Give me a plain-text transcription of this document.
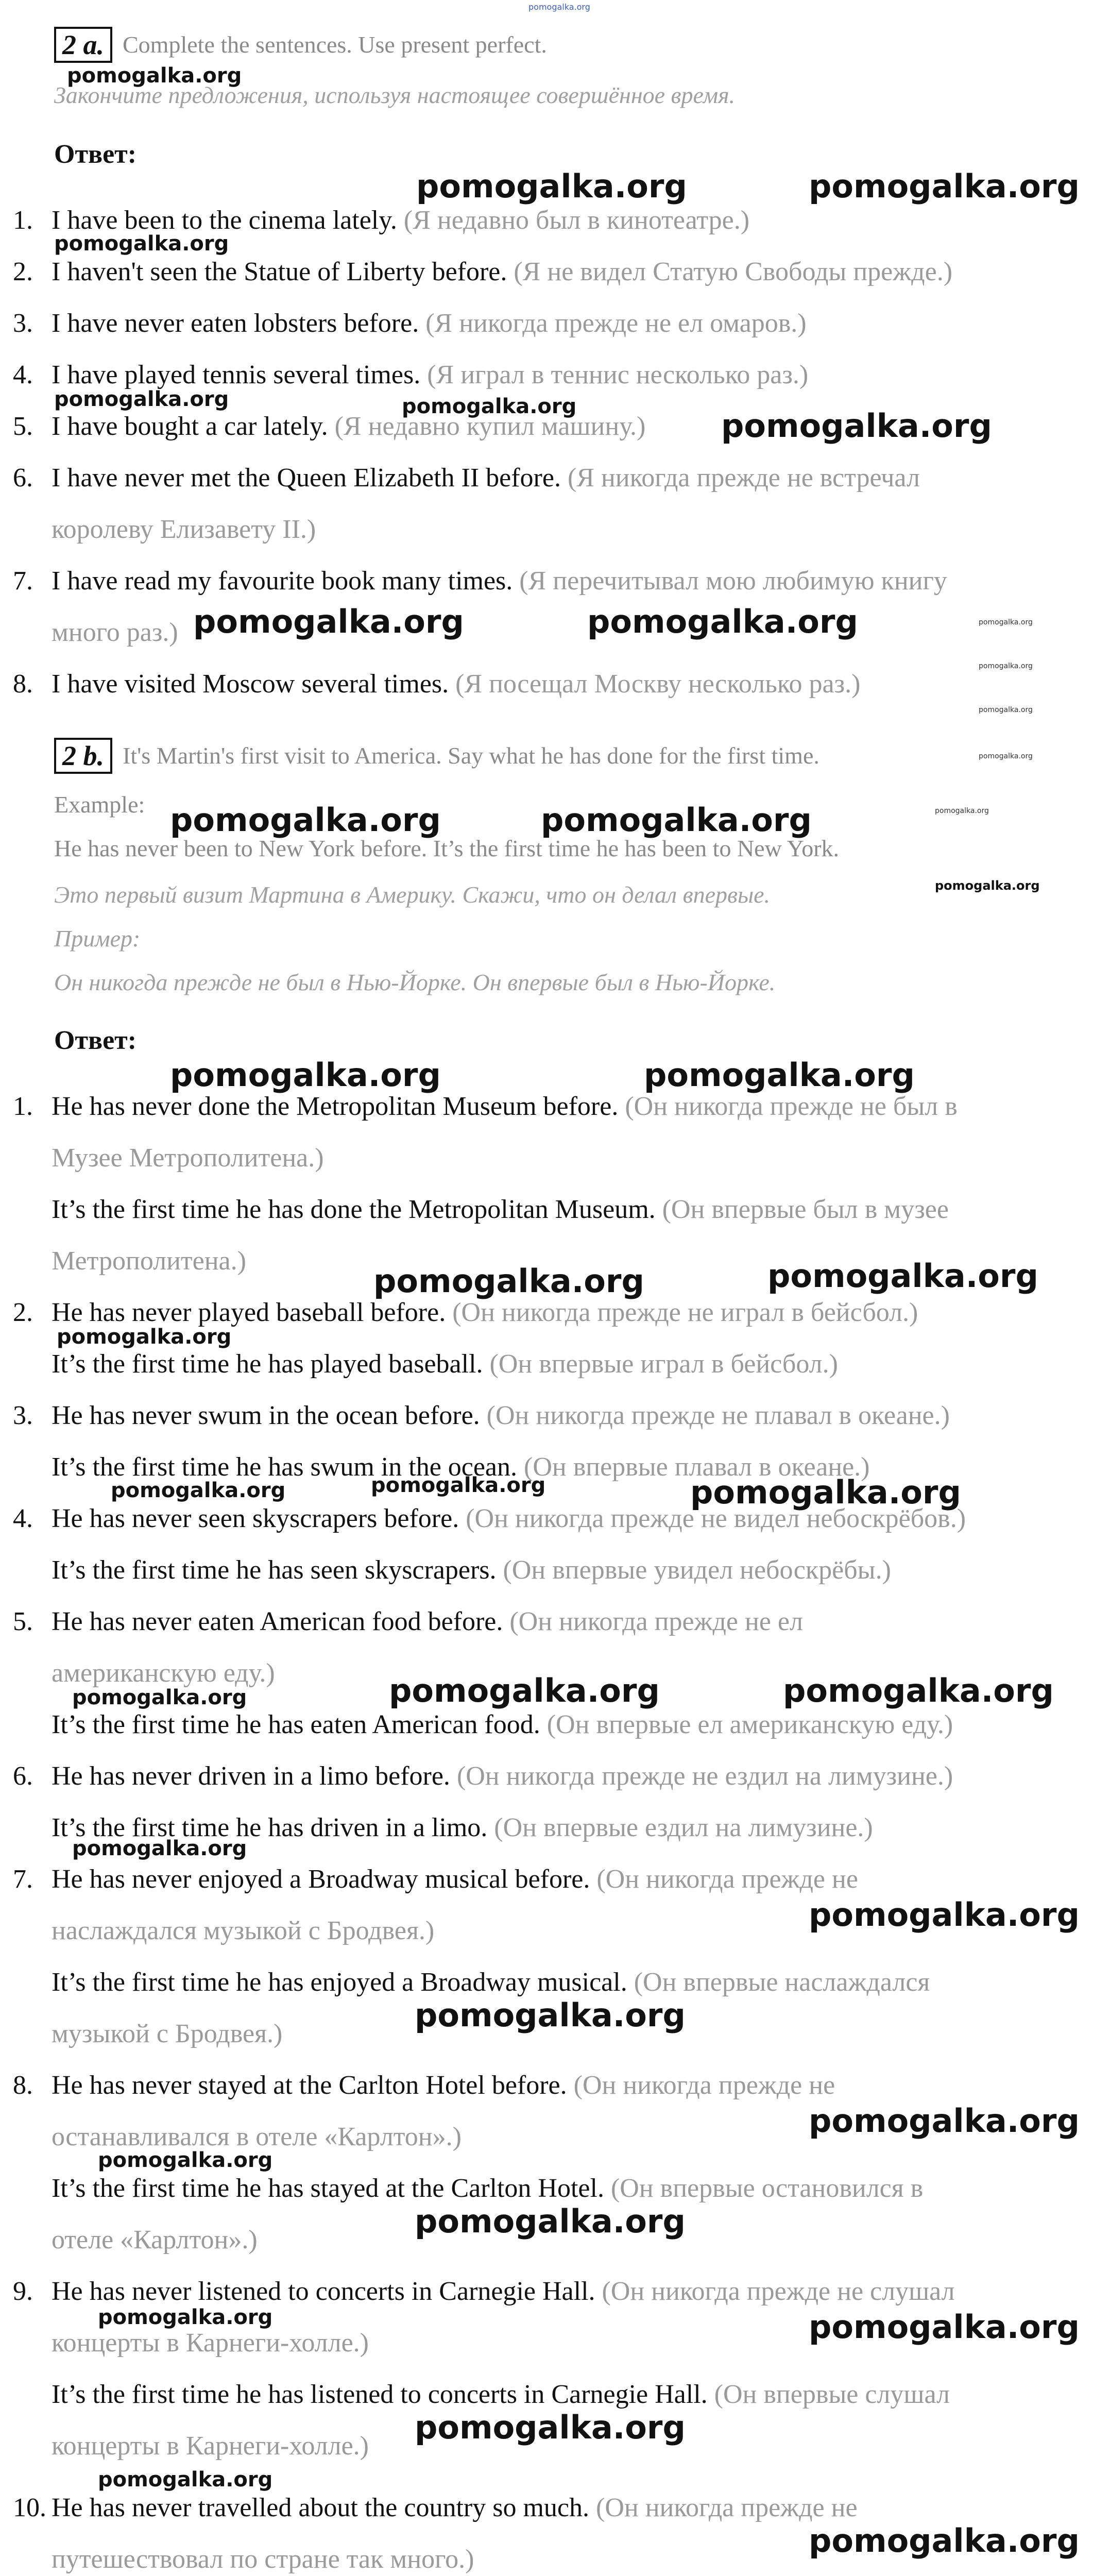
pomogalka.org
2 a. Complete the sentences. Use present perfect.
pomogalka.org
Закончите предложения, используя настоящее совершённое время.
Ответ:
pomogalka.org	pomogalka.org
1. I have been to the cinema lately. (Я недавно был в кинотеатре.)
pomogalka.org
2. I haven't seen the Statue of Liberty before. (Я не видел Статую Свободы прежде.)
3. I have never eaten lobsters before. (Я никогда прежде не ел омаров.)
4. I have played tennis several times. (Я играл в теннис несколько раз.)
pomogalka.org
5. I have bought a car lately. (Я недавно купил машину.)
pomogalka.org
pomogalka.org
6. I have never met the Queen Elizabeth II before. (Я никогда прежде не встречал
королеву Елизавету II.)
7. I have read my favourite book many times. (Я перечитывал мою любимую книгу
много раз.) pomogalka.org	pomogalka.org	pomogalka.org
pomogalka.org
8. I have visited Moscow several times. (Я посещал Москву несколько раз.)
pomogalka.org
2 b. It's Martin's first visit to America. Say what he has done for the first time.	pomogalka.org
Example: pomogalka.org	pomogalka.org	pomogalka.org
He has never been to New York before. It’s the first time he has been to New York.
Это первый визит Мартина в Америку. Скажи, что он делал впервые.	pomogalka.org
Пример:
Он никогда прежде не был в Нью-Йорке. Он впервые был в Нью-Йорке.
Ответ:
pomogalka.org	pomogalka.org
1. He has never done the Metropolitan Museum before. (Он никогда прежде не был в
Музее Метрополитена.)
It’s the first time he has done the Metropolitan Museum. (Он впервые был в музее
Метрополитена.)
pomogalka.org	pomogalka.org
2. He has never played baseball before. (Он никогда прежде не играл в бейсбол.)
It’s the first time he has played baseball. (Он впервые играл в бейсбол.)
pomogalka.org
3. He has never swum in the ocean before. (Он никогда прежде не плавал в океане.)
It’s the first time he has swum in the ocean. (Он впервые плавал в океане.)
pomogalka.org	pomogalka.org	pomogalka.org
4. He has never seen skyscrapers before. (Он никогда прежде не видел небоскрёбов.)
It’s the first time he has seen skyscrapers. (Он впервые увидел небоскрёбы.)
5. He has never eaten American food before. (Он никогда прежде не ел
американскую еду.)
It’s the first time he has eaten American food. (Он впервые ел американскую еду.)
pomogalka.org	pomogalka.org	pomogalka.org
6. He has never driven in a limo before. (Он никогда прежде не ездил на лимузине.)
It’s the first time he has driven in a limo. (Он впервые ездил на лимузине.)
pomogalka.org
7. He has never enjoyed a Broadway musical before. (Он никогда прежде не
наслаждался музыкой с Бродвея.)
It’s the first time he has enjoyed a Broadway musical. (Он впервые наслаждался
музыкой с Бродвея.)
pomogalka.org
pomogalka.org
8. He has never stayed at the Carlton Hotel before. (Он никогда прежде не
останавливался в отеле «Карлтон».)
It’s the first time he has stayed at the Carlton Hotel. (Он впервые остановился в
отеле «Карлтон».)
pomogalka.org
pomogalka.org
pomogalka.org
9. He has never listened to concerts in Carnegie Hall. (Он никогда прежде не слушал
концерты в Карнеги-холле.)
It’s the first time he has listened to concerts in Carnegie Hall. (Он впервые слушал
концерты в Карнеги-холле.)
pomogalka.org	pomogalka.org
pomogalka.org
pomogalka.org
10. He has never travelled about the country so much. (Он никогда прежде не
путешествовал по стране так много.)	pomogalka.org
